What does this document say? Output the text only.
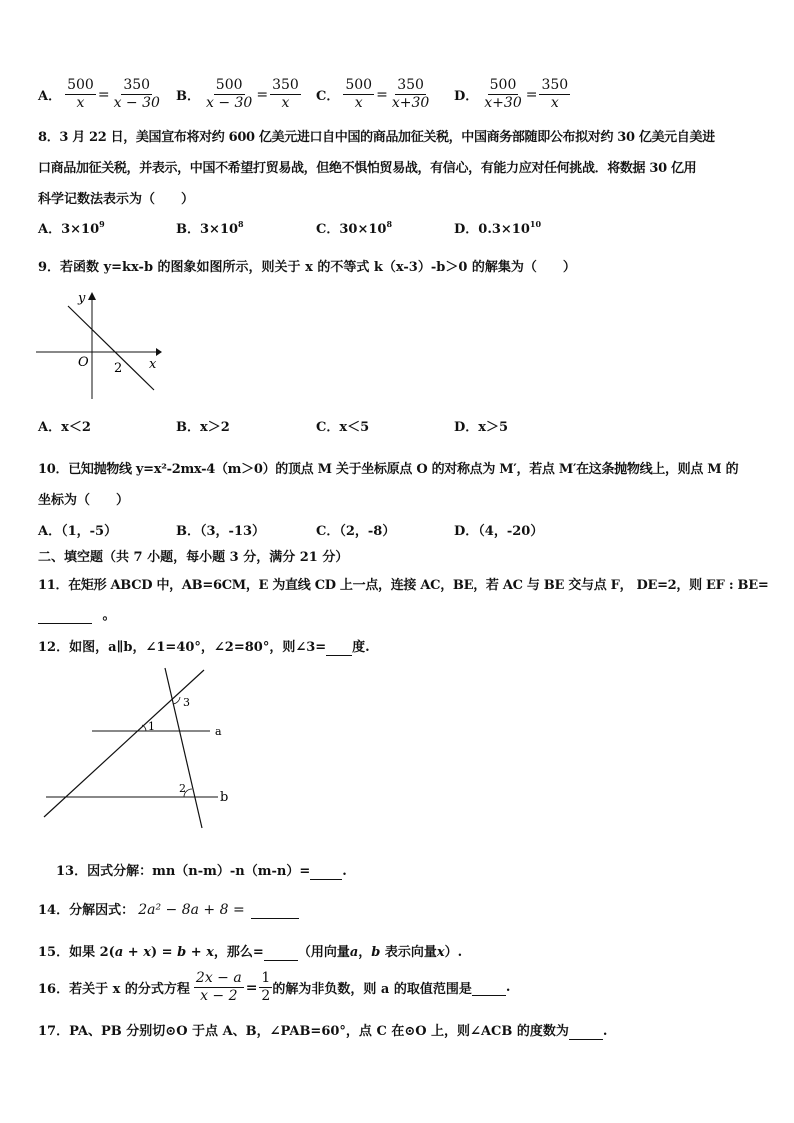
A． $\frac{500}{x} = \frac{350}{x - 30}$ B． $\frac{500}{x - 30} = \frac{350}{x}$ C． $\frac{500}{x} = \frac{350}{x+30}$ D． $\frac{500}{x+30} = \frac{350}{x}$
8．3 月 22 日，美国宣布将对约 600 亿美元进口自中国的商品加征关税，中国商务部随即公布拟对约 30 亿美元自美进
口商品加征关税，并表示，中国不希望打贸易战，但绝不惧怕贸易战，有信心，有能力应对任何挑战．将数据 30 亿用
科学记数法表示为（　　）
A．$3\times 10^9$	B．$3\times 10^8$	C．$30\times 10^8$	D．$0.3\times 10^{10}$
9．若函数 y=kx-b 的图象如图所示，则关于 x 的不等式 k（x-3）-b＞0 的解集为（　　）
y
x
O 2
A．x＜2	B．x＞2	C．x＜5	D．x＞5
10．已知抛物线 y=x²-2mx-4（m＞0）的顶点 M 关于坐标原点 O 的对称点为 M′，若点 M′在这条抛物线上，则点 M 的
坐标为（　　）
A．（1，-5）	B．（3，-13）	C．（2，-8）	D．（4，-20）
二、填空题（共 7 小题，每小题 3 分，满分 21 分）
11．在矩形 ABCD 中，AB=6CM，E 为直线 CD 上一点，连接 AC，BE，若 AC 与 BE 交与点 F， DE=2，则 EF : BE=
。
12．如图，a∥b，∠1=40°，∠2=80°，则∠3= 度.
1
2
3
a
b
13．因式分解：mn（n-m）-n（m-n）= .
14．分解因式： 2a² − 8a + 8 =
15．如果 2(a + x) = b + x，那么=	（用向量a，b 表示向量x）.
16．若关于 x 的分式方程 $\frac{2x - a}{x - 2} = \frac{1}{2}$ 的解为非负数，则 a 的取值范围是
	.
17．PA、PB 分别切⊙O 于点 A、B，∠PAB=60°，点 C 在⊙O 上，则∠ACB 的度数为	.
